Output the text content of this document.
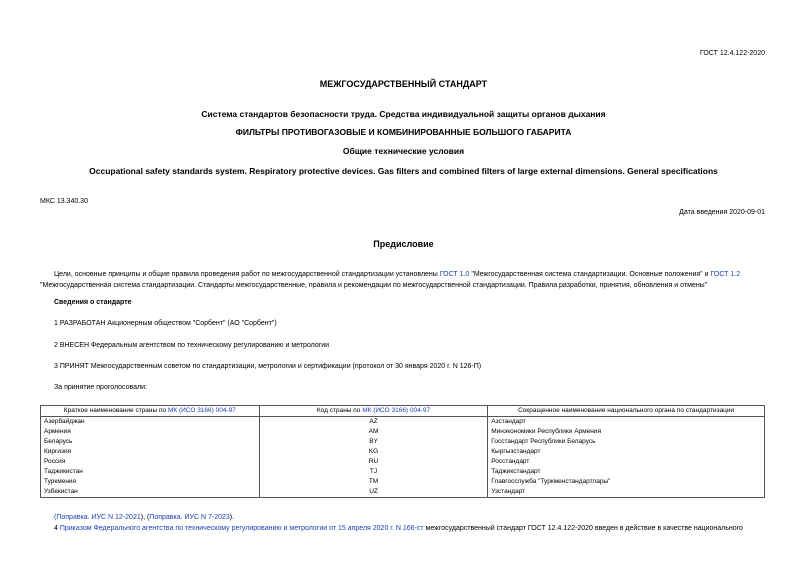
ГОСТ 12.4.122-2020
МЕЖГОСУДАРСТВЕННЫЙ СТАНДАРТ
Система стандартов безопасности труда. Средства индивидуальной защиты органов дыхания
ФИЛЬТРЫ ПРОТИВОГАЗОВЫЕ И КОМБИНИРОВАННЫЕ БОЛЬШОГО ГАБАРИТА
Общие технические условия
Occupational safety standards system. Respiratory protective devices. Gas filters and combined filters of large external dimensions. General specifications
МКС 13.340.30
Дата введения 2020-09-01
Предисловие
Цели, основные принципы и общие правила проведения работ по межгосударственной стандартизации установлены ГОСТ 1.0 "Межгосударственная система стандартизации. Основные положения" и ГОСТ 1.2
"Межгосударственная система стандартизации. Стандарты межгосударственные, правила и рекомендации по межгосударственной стандартизации. Правила разработки, принятия, обновления и отмены"
Сведения о стандарте
1 РАЗРАБОТАН Акционерным обществом "Сорбент" (АО "Сорбент")
2 ВНЕСЕН Федеральным агентством по техническому регулированию и метрологии
3 ПРИНЯТ Межгосударственным советом по стандартизации, метрологии и сертификации (протокол от 30 января 2020 г. N 126-П)
За принятие проголосовали:
Краткое наименование страны по МК (ИСО 3166) 004-97	Код страны по МК (ИСО 3166) 004-97	Сокращенное наименование национального органа по стандартизации
Азербайджан	AZ	Азстандарт
Армения	AM	Минэкономики Республики Армения
Беларусь	BY	Госстандарт Республики Беларусь
Киргизия	KG	Кыргызстандарт
Россия	RU	Росстандарт
Таджикистан	TJ	Таджикстандарт
Туркмения	TM	Главгосслужба "Туркменстандартлары"
Узбекистан	UZ	Узстандарт
(Поправка. ИУС N 12-2021), (Поправка. ИУС N 7-2023).
4 Приказом Федерального агентства по техническому регулированию и метрологии от 15 апреля 2020 г. N 166-ст межгосударственный стандарт ГОСТ 12.4.122-2020 введен в действие в качестве национального
